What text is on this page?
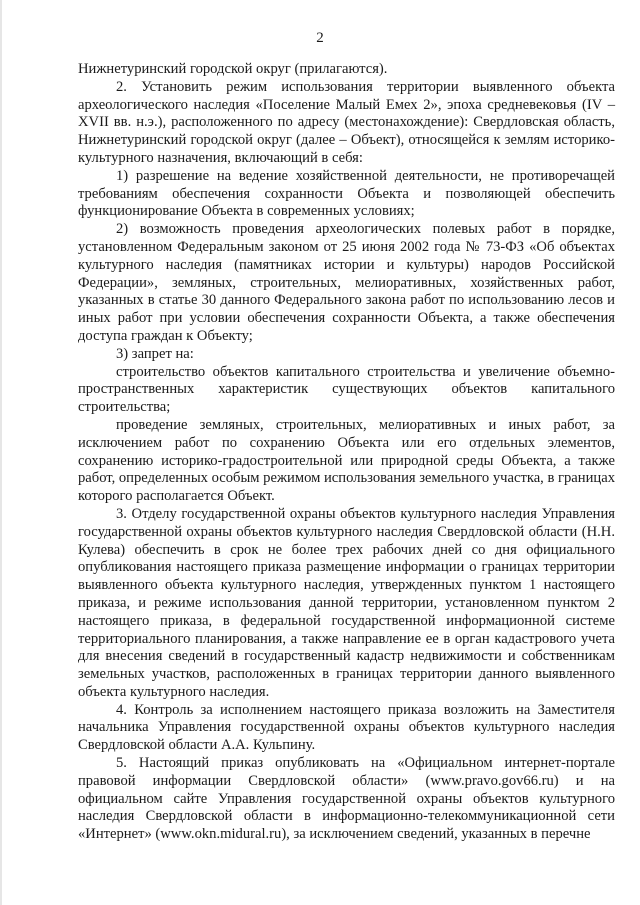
2

Нижнетуринский городской округ (прилагаются).

2. Установить режим использования территории выявленного объекта археологического наследия «Поселение Малый Емех 2», эпоха средневековья (IV – XVII вв. н.э.), расположенного по адресу (местонахождение): Свердловская область, Нижнетуринский городской округ (далее – Объект), относящейся к землям историко-культурного назначения, включающий в себя:

1) разрешение на ведение хозяйственной деятельности, не противоречащей требованиям обеспечения сохранности Объекта и позволяющей обеспечить функционирование Объекта в современных условиях;

2) возможность проведения археологических полевых работ в порядке, установленном Федеральным законом от 25 июня 2002 года № 73-ФЗ «Об объектах культурного наследия (памятниках истории и культуры) народов Российской Федерации», земляных, строительных, мелиоративных, хозяйственных работ, указанных в статье 30 данного Федерального закона работ по использованию лесов и иных работ при условии обеспечения сохранности Объекта, а также обеспечения доступа граждан к Объекту;

3) запрет на:

строительство объектов капитального строительства и увеличение объемно-пространственных характеристик существующих объектов капитального строительства;

проведение земляных, строительных, мелиоративных и иных работ, за исключением работ по сохранению Объекта или его отдельных элементов, сохранению историко-градостроительной или природной среды Объекта, а также работ, определенных особым режимом использования земельного участка, в границах которого располагается Объект.

3. Отделу государственной охраны объектов культурного наследия Управления государственной охраны объектов культурного наследия Свердловской области (Н.Н. Кулева) обеспечить в срок не более трех рабочих дней со дня официального опубликования настоящего приказа размещение информации о границах территории выявленного объекта культурного наследия, утвержденных пунктом 1 настоящего приказа, и режиме использования данной территории, установленном пунктом 2 настоящего приказа, в федеральной государственной информационной системе территориального планирования, а также направление ее в орган кадастрового учета для внесения сведений в государственный кадастр недвижимости и собственникам земельных участков, расположенных в границах территории данного выявленного объекта культурного наследия.

4. Контроль за исполнением настоящего приказа возложить на Заместителя начальника Управления государственной охраны объектов культурного наследия Свердловской области А.А. Кульпину.

5. Настоящий приказ опубликовать на «Официальном интернет-портале правовой информации Свердловской области» (www.pravo.gov66.ru) и на официальном сайте Управления государственной охраны объектов культурного наследия Свердловской области в информационно-телекоммуникационной сети «Интернет» (www.okn.midural.ru), за исключением сведений, указанных в перечне
